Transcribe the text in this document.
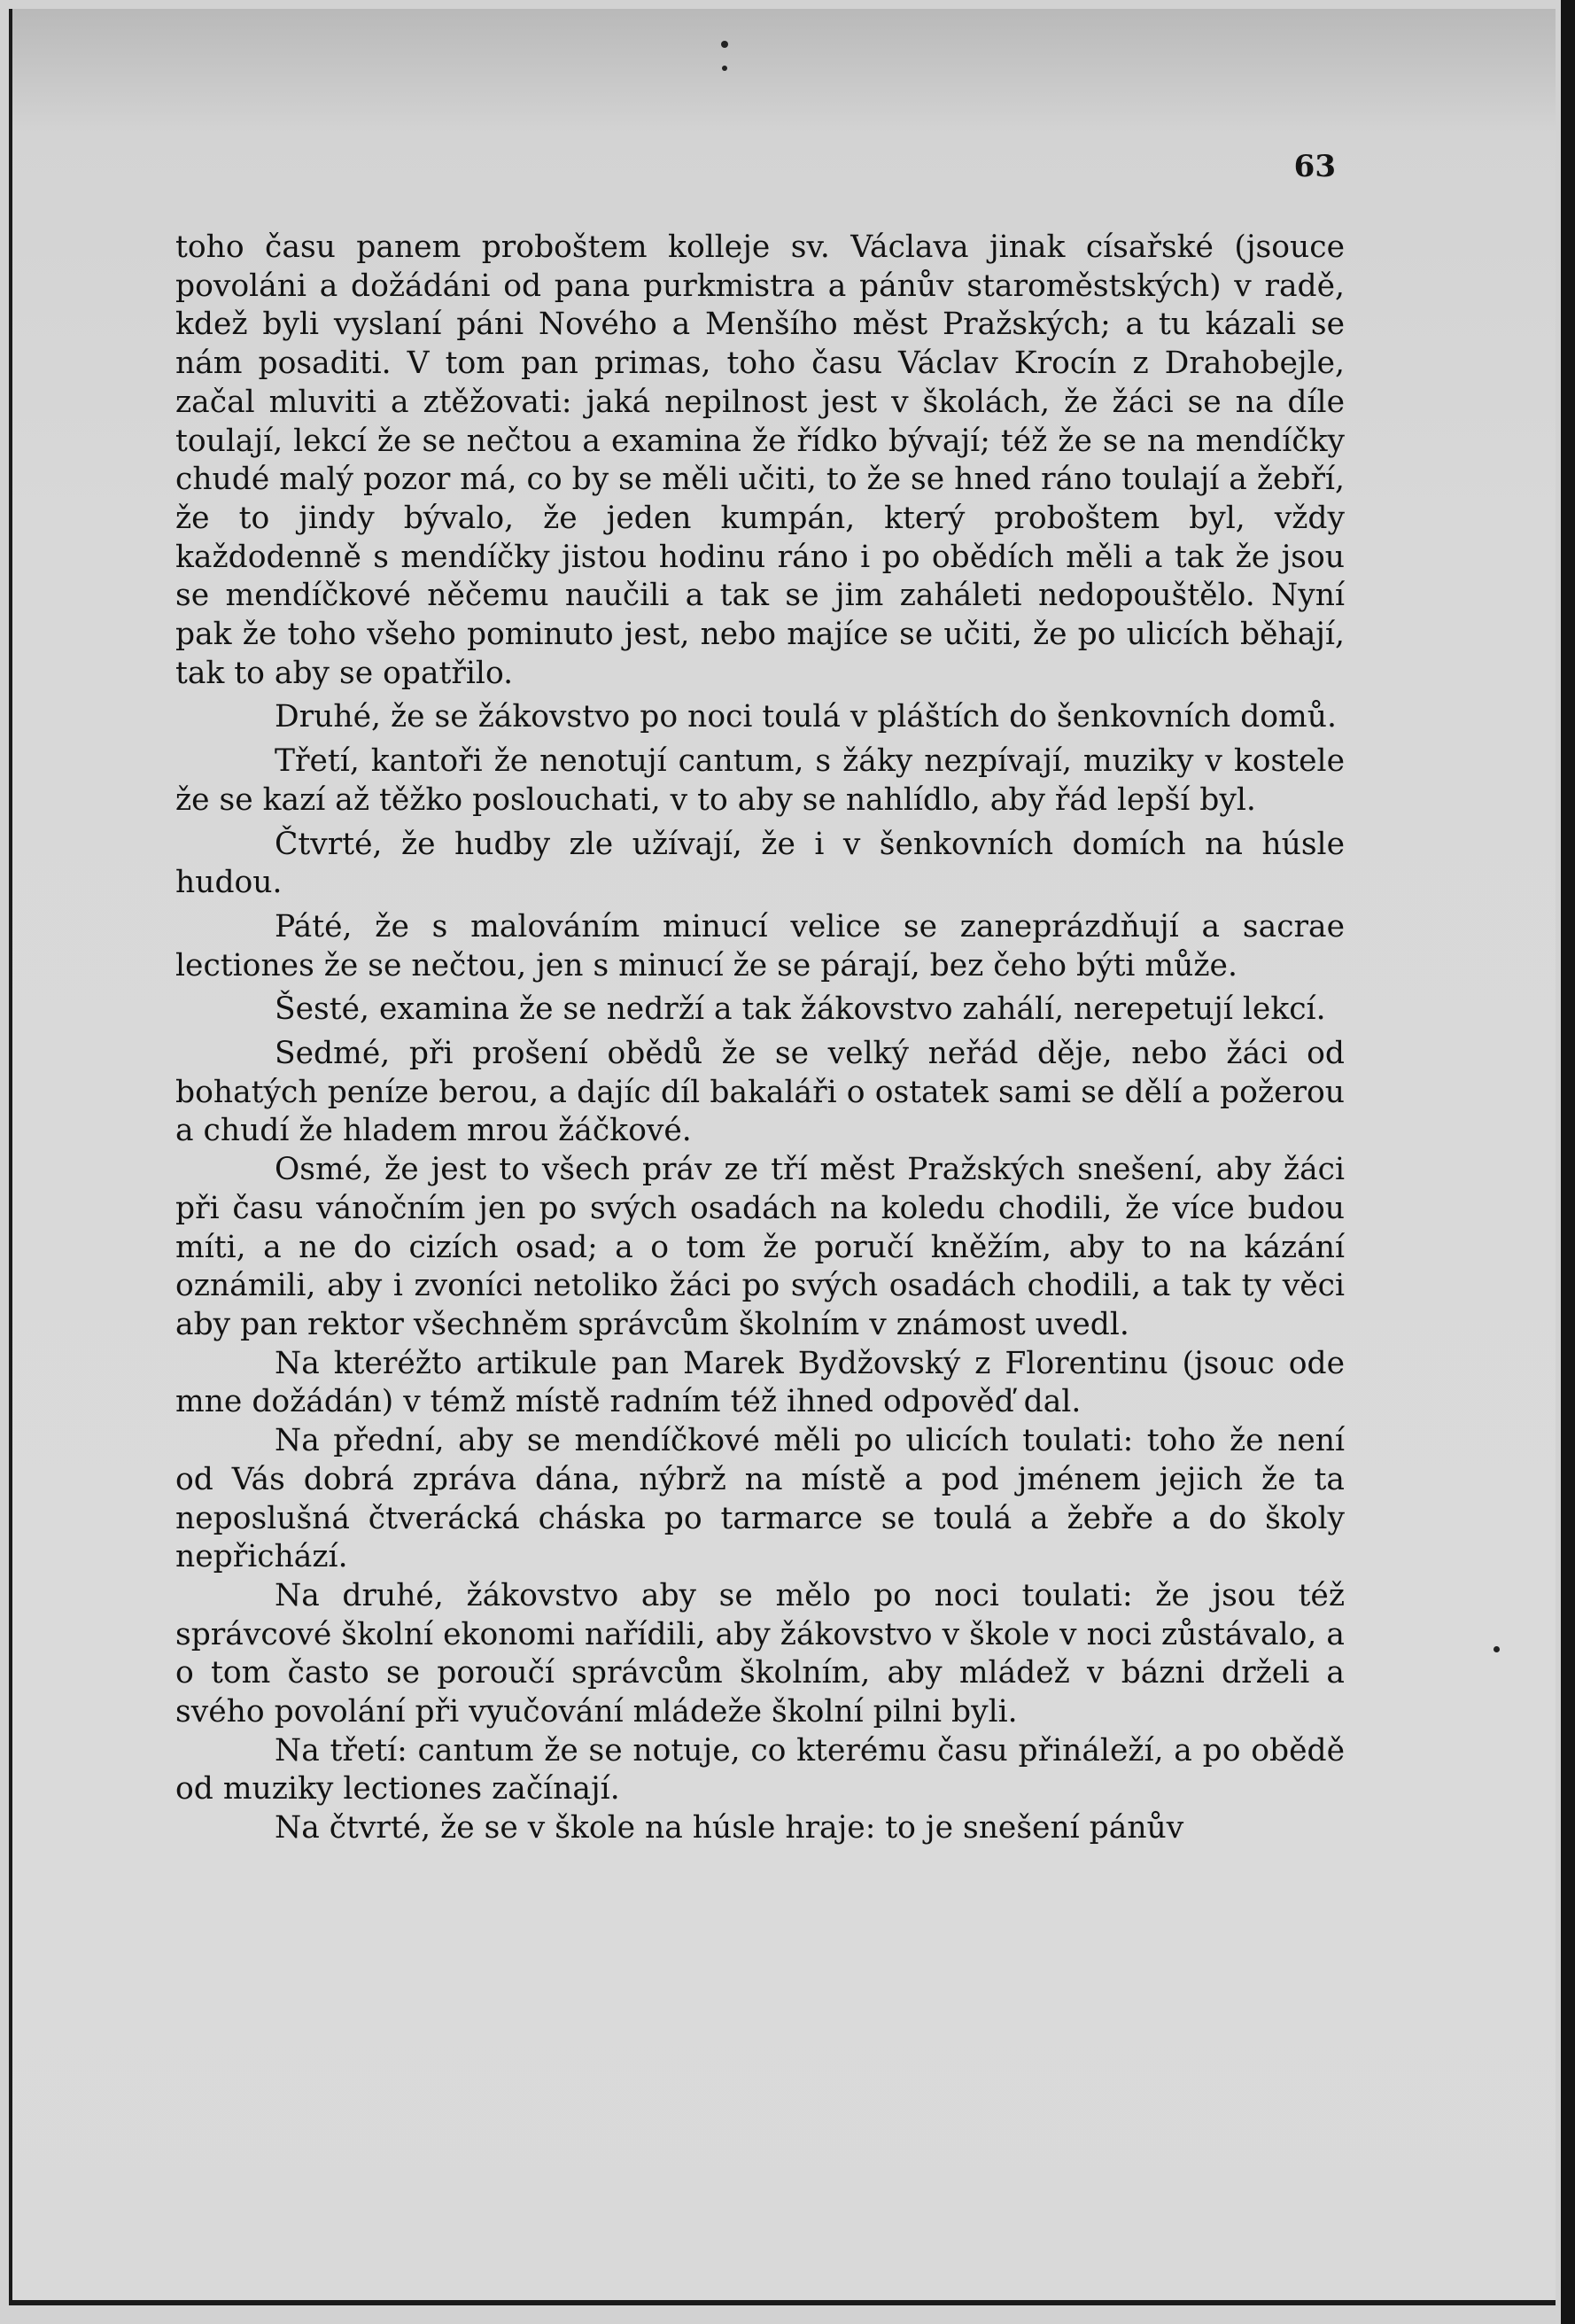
63

toho času panem proboštem kolleje sv. Václava jinak císařské (jsouce povoláni a dožádáni od pana purkmistra a pánův staroměstských) v radě, kdež byli vyslaní páni Nového a Menšího měst Pražských; a tu kázali se nám posaditi. V tom pan primas, toho času Václav Krocín z Drahobejle, začal mluviti a ztěžovati: jaká nepilnost jest v školách, že žáci se na díle toulají, lekcí že se nečtou a examina že řídko bývají; též že se na mendíčky chudé malý pozor má, co by se měli učiti, to že se hned ráno toulají a žebří, že to jindy bývalo, že jeden kumpán, který proboštem byl, vždy každodenně s mendíčky jistou hodinu ráno i po obědích měli a tak že jsou se mendíčkové něčemu naučili a tak se jim zaháleti nedopouštělo. Nyní pak že toho všeho pominuto jest, nebo majíce se učiti, že po ulicích běhají, tak to aby se opatřilo.

Druhé, že se žákovstvo po noci toulá v pláštích do šenkovních domů.

Třetí, kantoři že nenotují cantum, s žáky nezpívají, muziky v kostele že se kazí až těžko poslouchati, v to aby se nahlídlo, aby řád lepší byl.

Čtvrté, že hudby zle užívají, že i v šenkovních domích na húsle hudou.

Páté, že s malováním minucí velice se zaneprázdňují a sacrae lectiones že se nečtou, jen s minucí že se párají, bez čeho býti může.

Šesté, examina že se nedrží a tak žákovstvo zahálí, nerepetují lekcí.

Sedmé, při prošení obědů že se velký neřád děje, nebo žáci od bohatých peníze berou, a dajíc díl bakaláři o ostatek sami se dělí a požerou a chudí že hladem mrou žáčkové.

Osmé, že jest to všech práv ze tří měst Pražských snešení, aby žáci při času vánočním jen po svých osadách na koledu chodili, že více budou míti, a ne do cizích osad; a o tom že poručí kněžím, aby to na kázání oznámili, aby i zvoníci netoliko žáci po svých osadách chodili, a tak ty věci aby pan rektor všechněm správcům školním v známost uvedl.

Na kteréžto artikule pan Marek Bydžovský z Florentinu (jsouc ode mne dožádán) v témž místě radním též ihned odpověď dal.

Na přední, aby se mendíčkové měli po ulicích toulati: toho že není od Vás dobrá zpráva dána, nýbrž na místě a pod jménem jejich že ta neposlušná čtverácká cháska po tarmarce se toulá a žebře a do školy nepřichází.

Na druhé, žákovstvo aby se mělo po noci toulati: že jsou též správcové školní ekonomi nařídili, aby žákovstvo v škole v noci zůstávalo, a o tom často se poroučí správcům školním, aby mládež v bázni drželi a svého povolání při vyučování mládeže školní pilni byli.

Na třetí: cantum že se notuje, co kterému času přináleží, a po obědě od muziky lectiones začínají.

Na čtvrté, že se v škole na húsle hraje: to je snešení pánův
